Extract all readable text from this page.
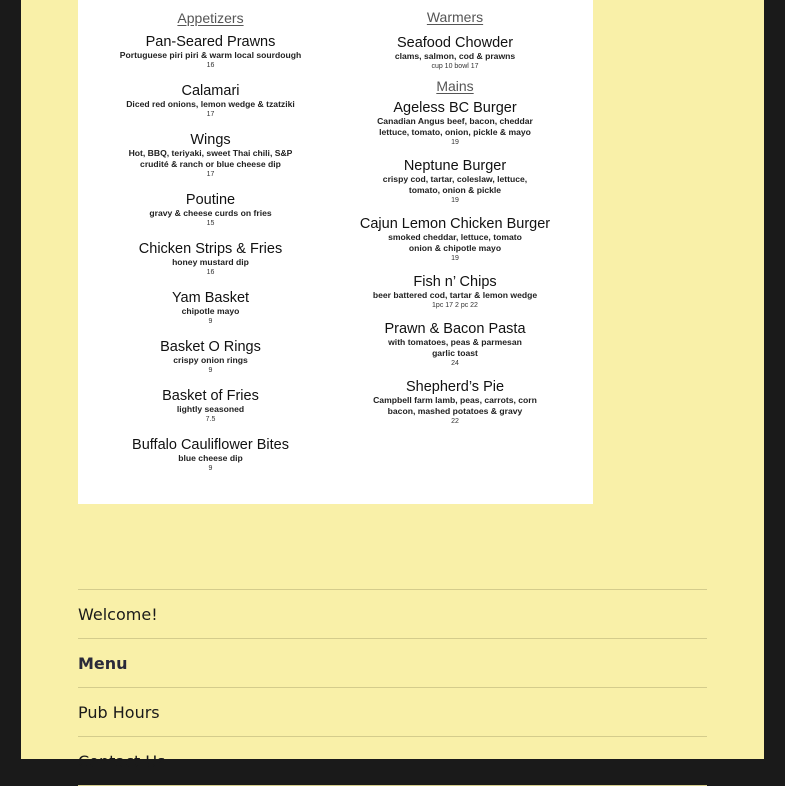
Appetizers
Pan-Seared Prawns
Portuguese piri piri & warm local sourdough
16
Calamari
Diced red onions, lemon wedge & tzatziki
17
Wings
Hot, BBQ, teriyaki, sweet Thai chili, S&P
crudité & ranch or blue cheese dip
17
Poutine
gravy & cheese curds on fries
15
Chicken Strips & Fries
honey mustard dip
16
Yam Basket
chipotle mayo
9
Basket O Rings
crispy onion rings
9
Basket of Fries
lightly seasoned
7.5
Buffalo Cauliflower Bites
blue cheese dip
9
Warmers
Seafood Chowder
clams, salmon, cod & prawns
cup 10 bowl 17
Mains
Ageless BC Burger
Canadian Angus beef, bacon, cheddar
lettuce, tomato, onion, pickle & mayo
19
Neptune Burger
crispy cod, tartar, coleslaw, lettuce,
tomato, onion & pickle
19
Cajun Lemon Chicken Burger
smoked cheddar, lettuce, tomato
onion & chipotle mayo
19
Fish n’ Chips
beer battered cod, tartar & lemon wedge
1pc 17 2 pc 22
Prawn & Bacon Pasta
with tomatoes, peas & parmesan
garlic toast
24
Shepherd’s Pie
Campbell farm lamb, peas, carrots, corn
bacon, mashed potatoes & gravy
22
Welcome!
Menu
Pub Hours
Contact Us
